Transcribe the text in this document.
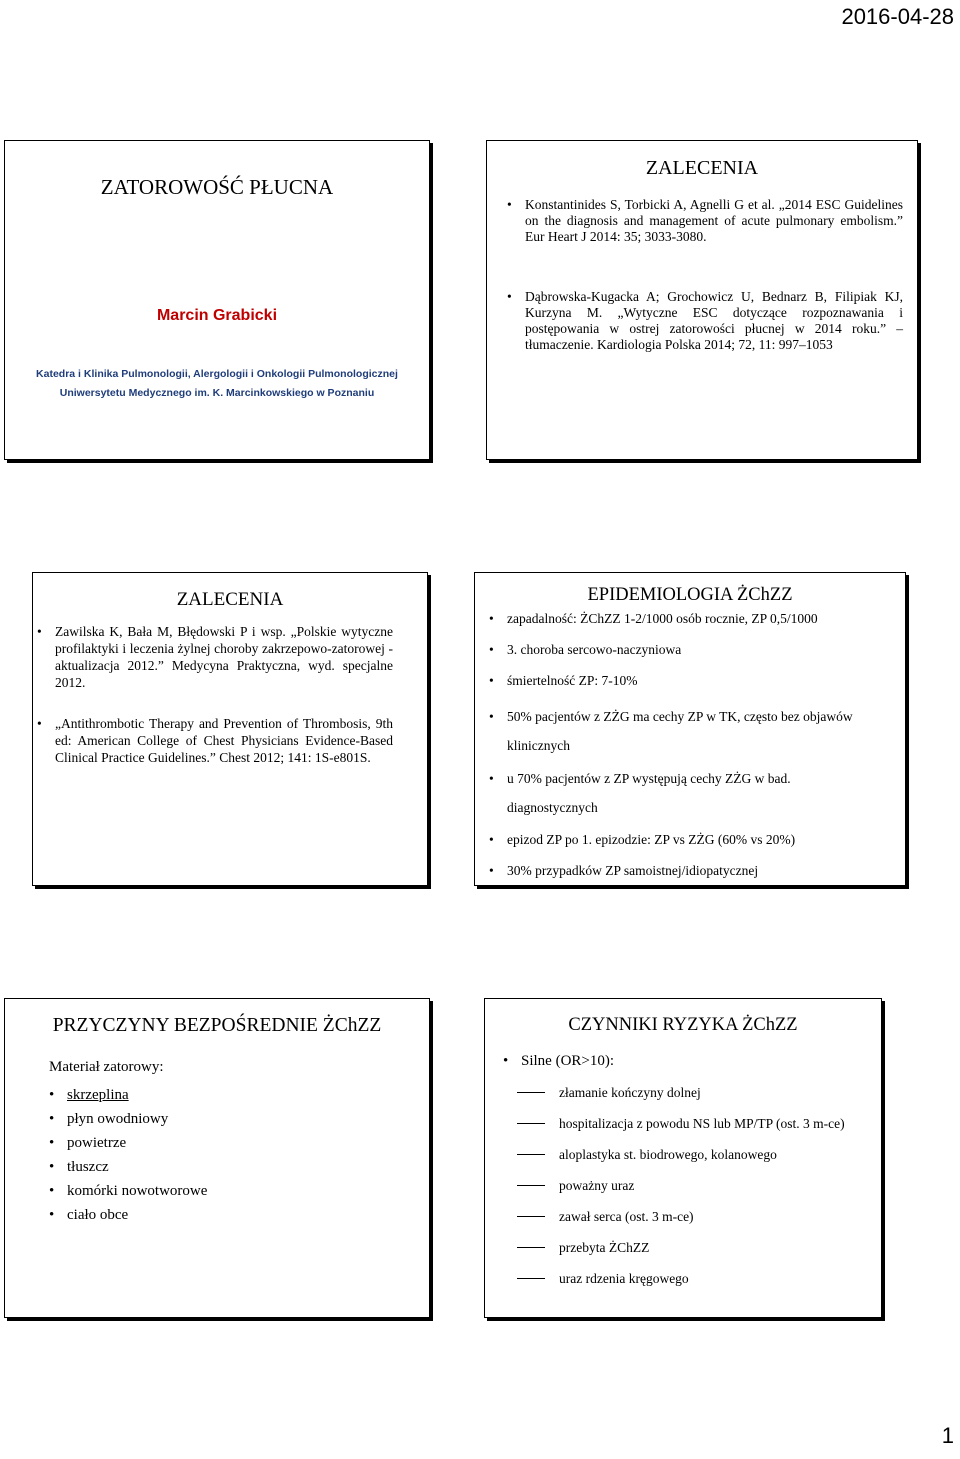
2016-04-28
ZATOROWOŚĆ PŁUCNA
Marcin Grabicki
Katedra i Klinika Pulmonologii, Alergologii i Onkologii Pulmonologicznej
Uniwersytetu Medycznego im. K. Marcinkowskiego w Poznaniu
ZALECENIA
• Konstantinides S, Torbicki A, Agnelli G et al. „2014 ESC Guidelines on the diagnosis and management of acute pulmonary embolism.” Eur Heart J 2014: 35; 3033-3080.
• Dąbrowska-Kugacka A; Grochowicz U, Bednarz B, Filipiak KJ, Kurzyna M. „Wytyczne ESC dotyczące rozpoznawania i postępowania w ostrej zatorowości płucnej w 2014 roku.” – tłumaczenie. Kardiologia Polska 2014; 72, 11: 997–1053
ZALECENIA
• Zawilska K, Bała M, Błędowski P i wsp. „Polskie wytyczne profilaktyki i leczenia żylnej choroby zakrzepowo-zatorowej - aktualizacja 2012.” Medycyna Praktyczna, wyd. specjalne 2012.
• „Antithrombotic Therapy and Prevention of Thrombosis, 9th ed: American College of Chest Physicians Evidence-Based Clinical Practice Guidelines.” Chest 2012; 141: 1S-e801S.
EPIDEMIOLOGIA ŻChZZ
• zapadalność: ŻChZZ 1-2/1000 osób rocznie, ZP 0,5/1000
• 3. choroba sercowo-naczyniowa
• śmiertelność ZP: 7-10%
• 50% pacjentów z ZŻG ma cechy ZP w TK, często bez objawów klinicznych
• u 70% pacjentów z ZP występują cechy ZŻG w bad. diagnostycznych
• epizod ZP po 1. epizodzie: ZP vs ZŻG (60% vs 20%)
• 30% przypadków ZP samoistnej/idiopatycznej
PRZYCZYNY BEZPOŚREDNIE ŻChZZ
Materiał zatorowy:
• skrzeplina
• płyn owodniowy
• powietrze
• tłuszcz
• komórki nowotworowe
• ciało obce
CZYNNIKI RYZYKA ŻChZZ
• Silne (OR>10):
złamanie kończyny dolnej
hospitalizacja z powodu NS lub MP/TP (ost. 3 m-ce)
aloplastyka st. biodrowego, kolanowego
poważny uraz
zawał serca (ost. 3 m-ce)
przebyta ŻChZZ
uraz rdzenia kręgowego
1
